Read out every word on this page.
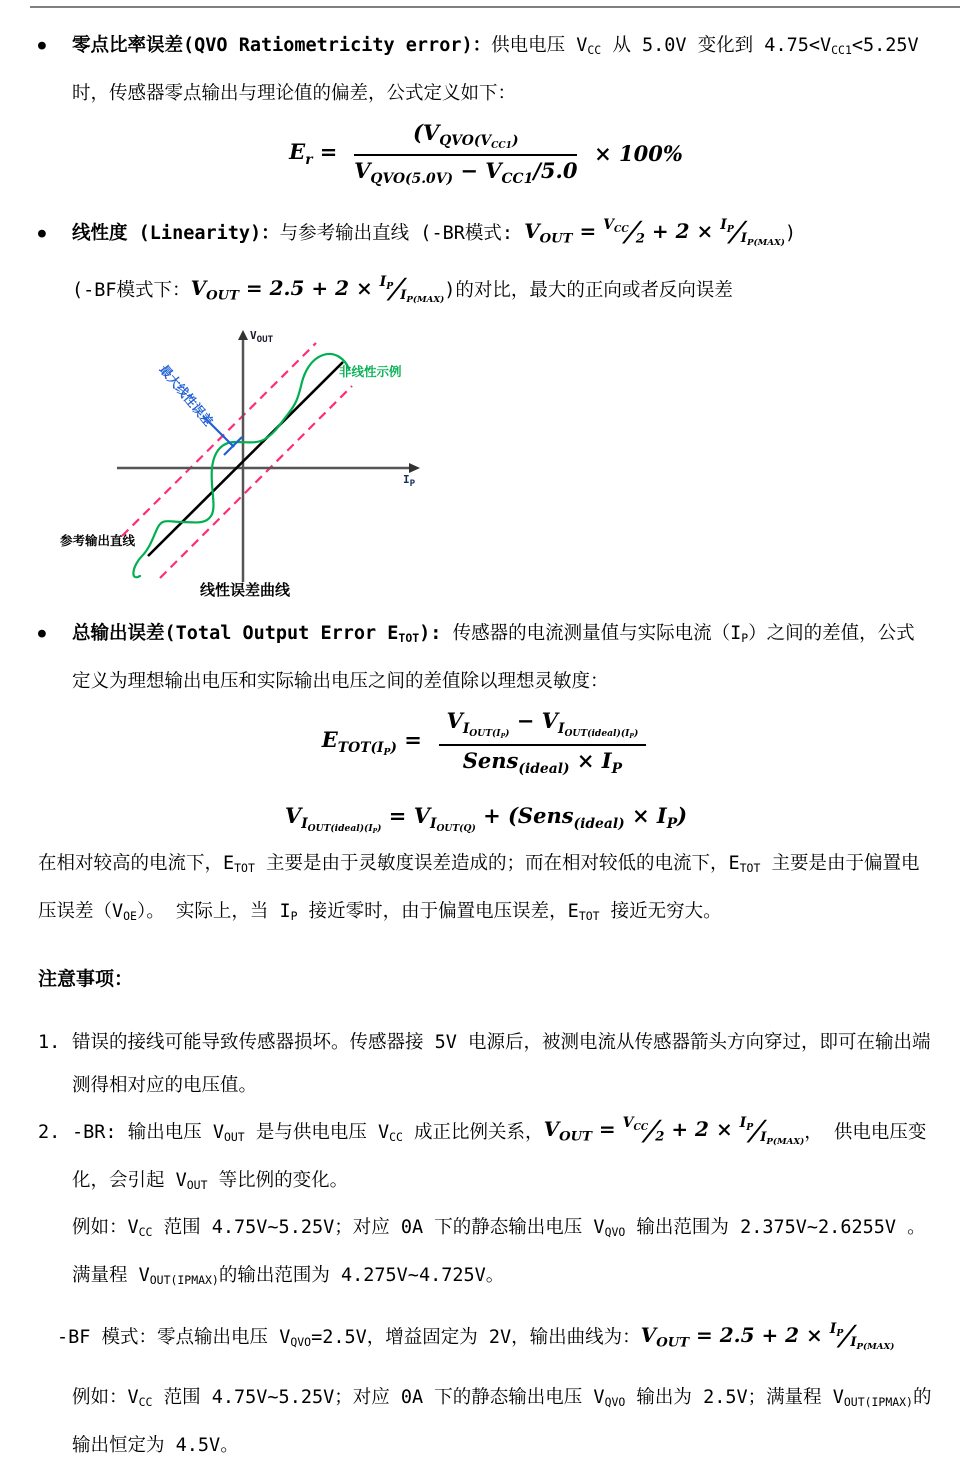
●	零点比率误差(QVO Ratiometricity error)：供电电压 $V_{CC}$ 从 5.0V 变化到 $4.75<V_{CC1}<5.25V$ 时，传感器零点输出与理论值的偏差，公式定义如下：
$E_r = \frac{(V_{QVO(V_{CC1})}}{V_{QVO(5.0V)} - V_{CC1}/5.0} \times 100\%$
●	线性度 (Linearity)：与参考输出直线 (-BR模式: $V_{OUT}$ = $^{V_{CC}}⁄_2 + 2$ × $^{I_P}⁄_{I_{P(MAX)}}$)
(-BF模式下：$V_{OUT} = 2.5 + 2$ × $^{I_P}⁄_{I_{P(MAX)}}$)的对比，最大的正向或者反向误差
$V_{OUT}$
$I_P$
非线性示例
最大线性误差
参考输出直线
线性误差曲线
●	总输出误差(Total Output Error $E_{TOT}$): 传感器的电流测量值与实际电流$(I_P)$之间的差值，公式定义为理想输出电压和实际输出电压之间的差值除以理想灵敏度：
$E_{TOT(I_P)} = \frac{V_{I_{OUT(I_P)}} - V_{I_{OUT(ideal)(I_P)}}}{Sens_{(ideal)} \times I_P}$
$V_{I_{OUT(ideal)(I_P)}} = V_{I_{OUT(Q)}}$ + (Sens$_{(ideal)}$ × $I_P$)
在相对较高的电流下，$E_{TOT}$ 主要是由于灵敏度误差造成的；而在相对较低的电流下，$E_{TOT}$ 主要是由于偏置电压误差$(V_{OE})$。 实际上，当 $I_P$ 接近零时，由于偏置电压误差，$E_{TOT}$ 接近无穷大。
注意事项：
1. 错误的接线可能导致传感器损坏。传感器接 5V 电源后，被测电流从传感器箭头方向穿过，即可在输出端测得相对应的电压值。
2. -BR: 输出电压 $V_{OUT}$ 是与供电电压 $V_{CC}$ 成正比例关系，$V_{OUT}$ = $^{V_{CC}}⁄_2 + 2$ × $^{I_P}⁄_{I_{P(MAX)}}$， 供电电压变化，会引起 $V_{OUT}$ 等比例的变化。
例如：$V_{CC}$ 范围 4.75V~5.25V；对应 0A 下的静态输出电压 $V_{QVO}$ 输出范围为 2.375V~2.6255V 。满量程 $V_{OUT(IPMAX)}$的输出范围为 4.275V~4.725V。
-BF 模式：零点输出电压 $V_{QVO}=2.5V$，增益固定为 2V，输出曲线为：$V_{OUT} = 2.5 + 2$ × $^{I_P}⁄_{I_{P(MAX)}}$
例如：$V_{CC}$ 范围 4.75V~5.25V；对应 0A 下的静态输出电压 $V_{QVO}$ 输出为 2.5V；满量程 $V_{OUT(IPMAX)}$的输出恒定为 4.5V。
